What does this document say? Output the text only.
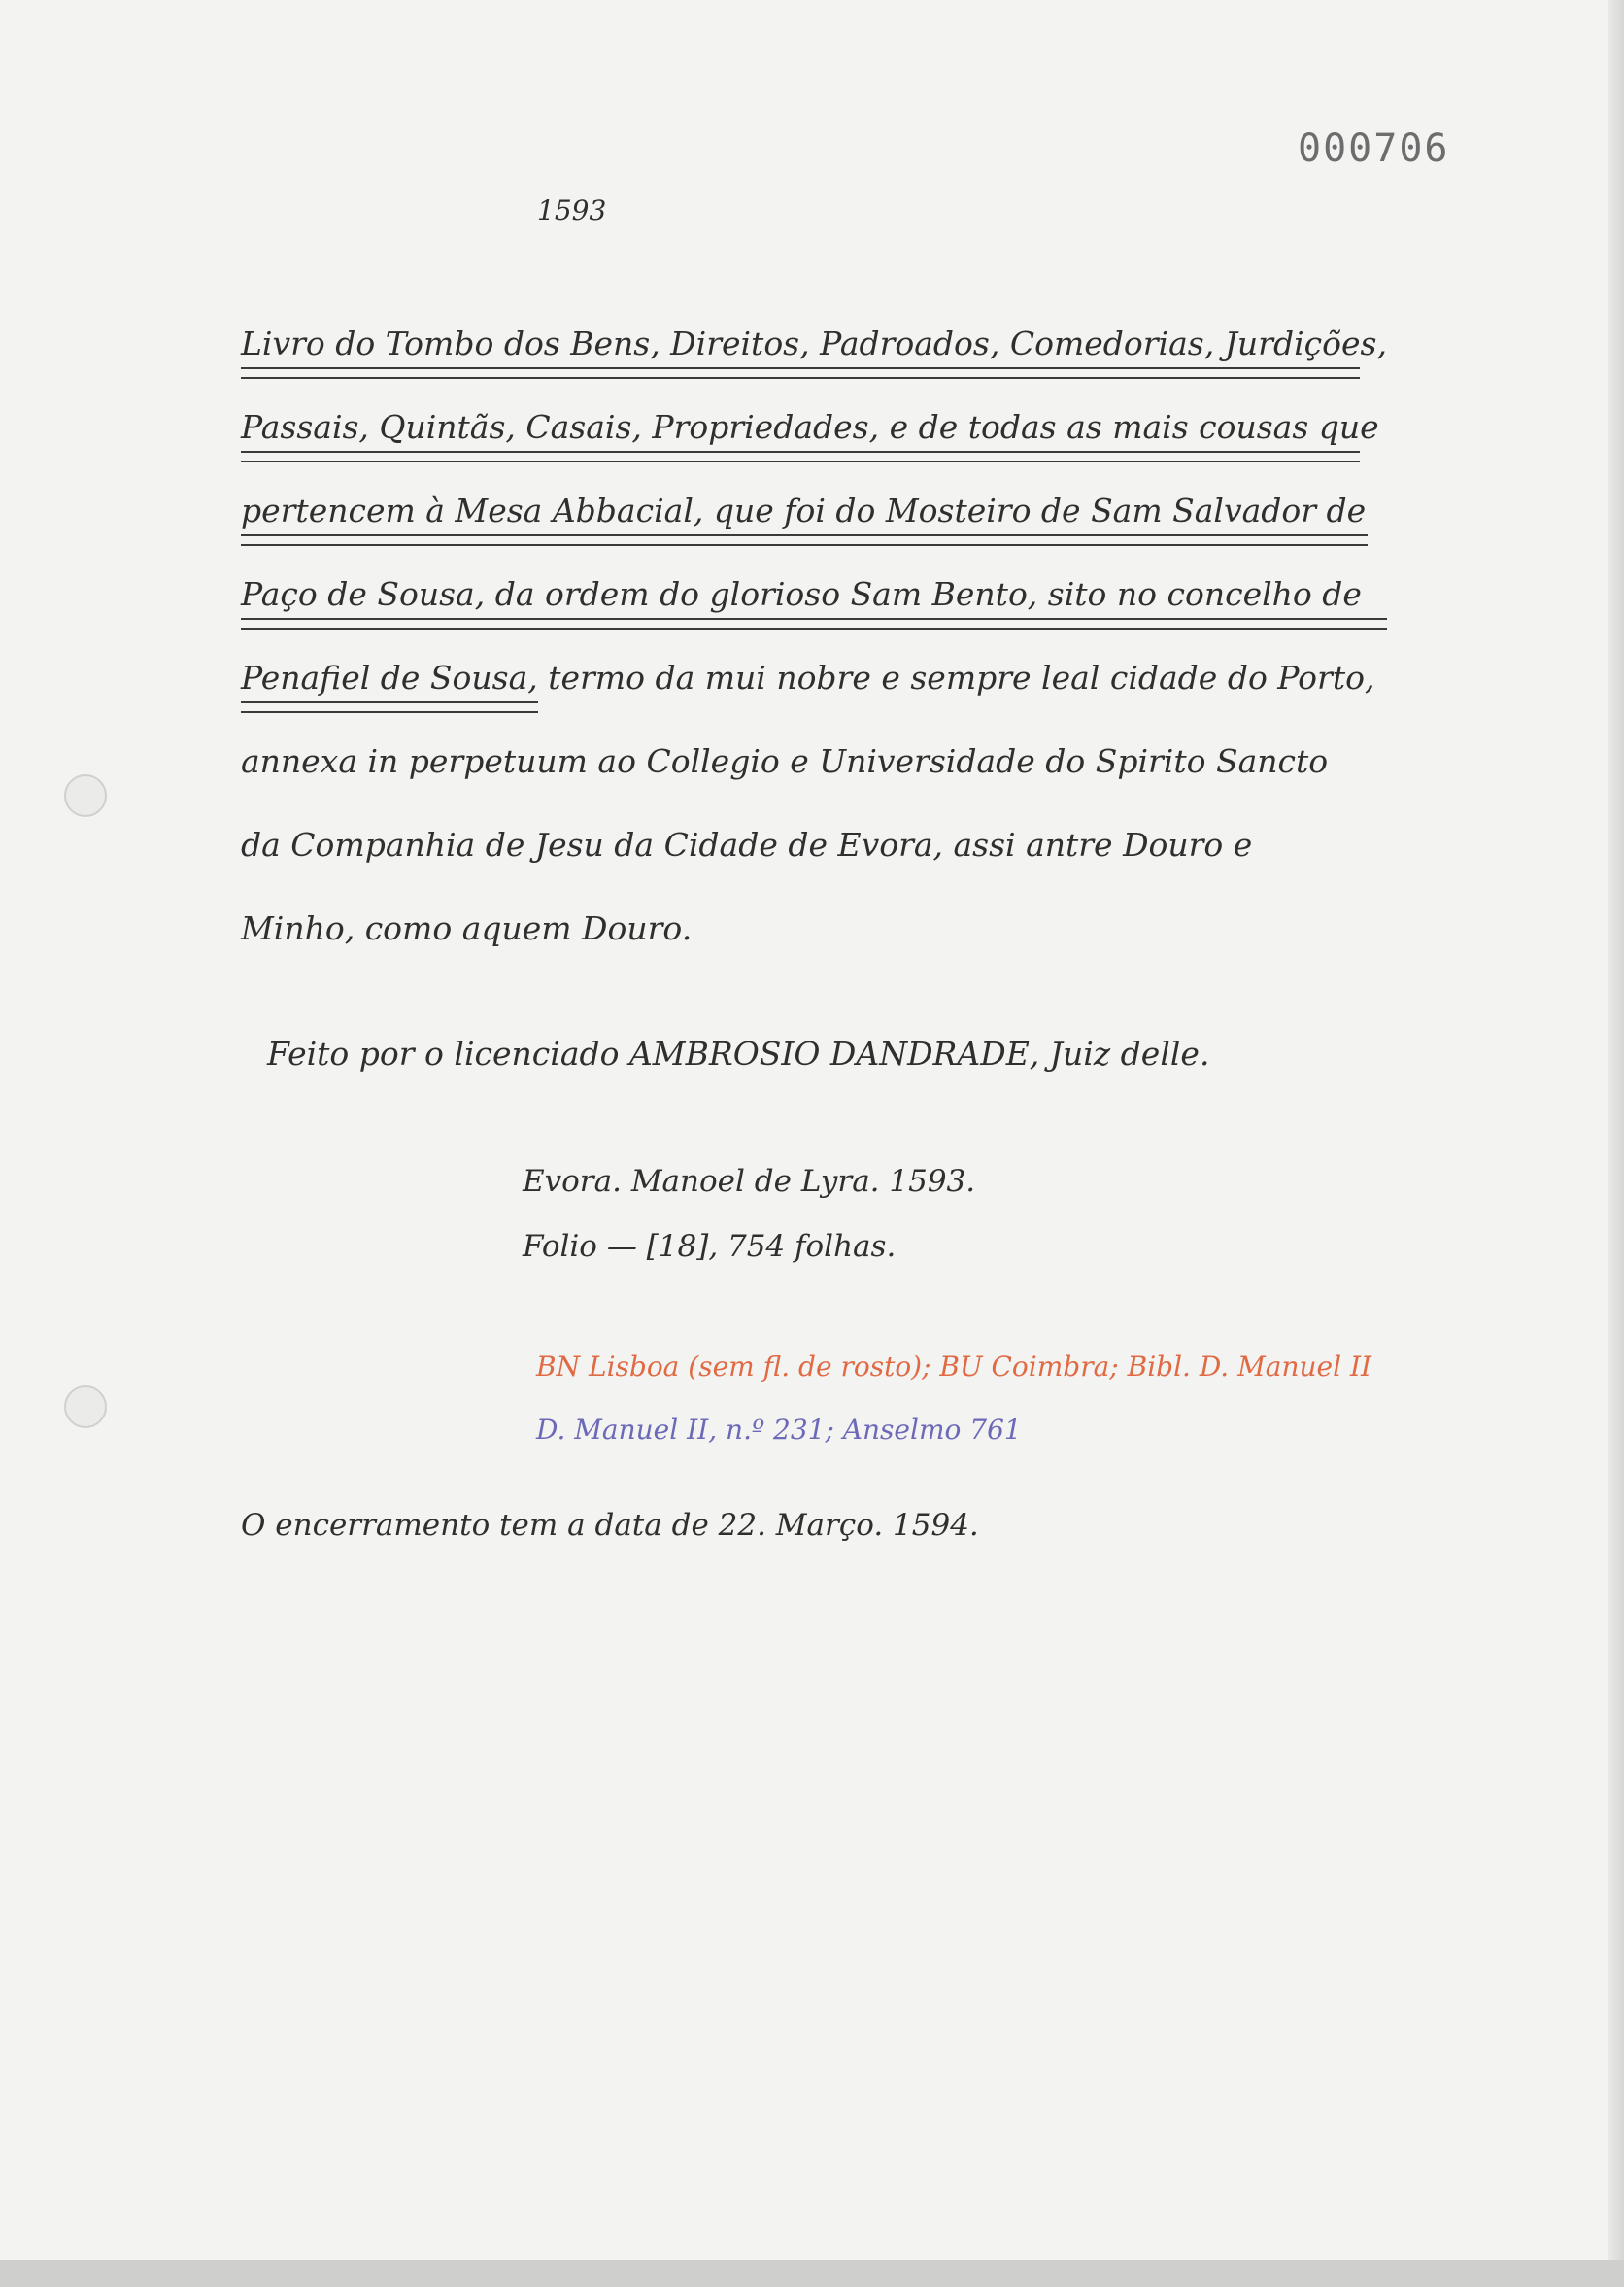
000706
1593
Livro do Tombo dos Bens, Direitos, Padroados, Comedorias, Jurdições,
Passais, Quintãs, Casais, Propriedades, e de todas as mais cousas que
pertencem à Mesa Abbacial, que foi do Mosteiro de Sam Salvador de
Paço de Sousa, da ordem do glorioso Sam Bento, sito no concelho de
Penafiel de Sousa, termo da mui nobre e sempre leal cidade do Porto,
annexa in perpetuum ao Collegio e Universidade do Spirito Sancto
da Companhia de Jesu da Cidade de Evora, assi antre Douro e
Minho, como aquem Douro.
Feito por o licenciado AMBROSIO DANDRADE, Juiz delle.
Evora. Manoel de Lyra. 1593.
Folio — [18], 754 folhas.
BN Lisboa (sem fl. de rosto); BU Coimbra; Bibl. D. Manuel II
D. Manuel II, n.º 231; Anselmo 761
O encerramento tem a data de 22. Março. 1594.
